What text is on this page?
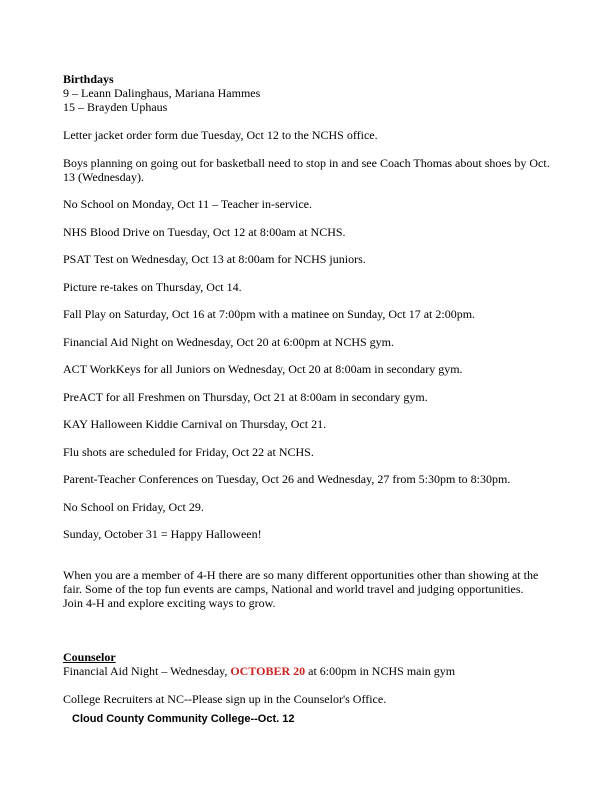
Birthdays

9 – Leann Dalinghaus, Mariana Hammes

15 – Brayden Uphaus

Letter jacket order form due Tuesday, Oct 12 to the NCHS office.

Boys planning on going out for basketball need to stop in and see Coach Thomas about shoes by Oct. 13 (Wednesday).

No School on Monday, Oct 11 – Teacher in-service.

NHS Blood Drive on Tuesday, Oct 12 at 8:00am at NCHS.

PSAT Test on Wednesday, Oct 13 at 8:00am for NCHS juniors.

Picture re-takes on Thursday, Oct 14.

Fall Play on Saturday, Oct 16 at 7:00pm with a matinee on Sunday, Oct 17 at 2:00pm.

Financial Aid Night on Wednesday, Oct 20 at 6:00pm at NCHS gym.

ACT WorkKeys for all Juniors on Wednesday, Oct 20 at 8:00am in secondary gym.

PreACT for all Freshmen on Thursday, Oct 21 at 8:00am in secondary gym.

KAY Halloween Kiddie Carnival on Thursday, Oct 21.

Flu shots are scheduled for Friday, Oct 22 at NCHS.

Parent-Teacher Conferences on Tuesday, Oct 26 and Wednesday, 27 from 5:30pm to 8:30pm.

No School on Friday, Oct 29.

Sunday, October 31 = Happy Halloween!

When you are a member of 4-H there are so many different opportunities other than showing at the fair. Some of the top fun events are camps, National and world travel and judging opportunities. Join 4-H and explore exciting ways to grow.

Counselor

Financial Aid Night – Wednesday, OCTOBER 20 at 6:00pm in NCHS main gym

College Recruiters at NC--Please sign up in the Counselor's Office.

Cloud County Community College--Oct. 12
